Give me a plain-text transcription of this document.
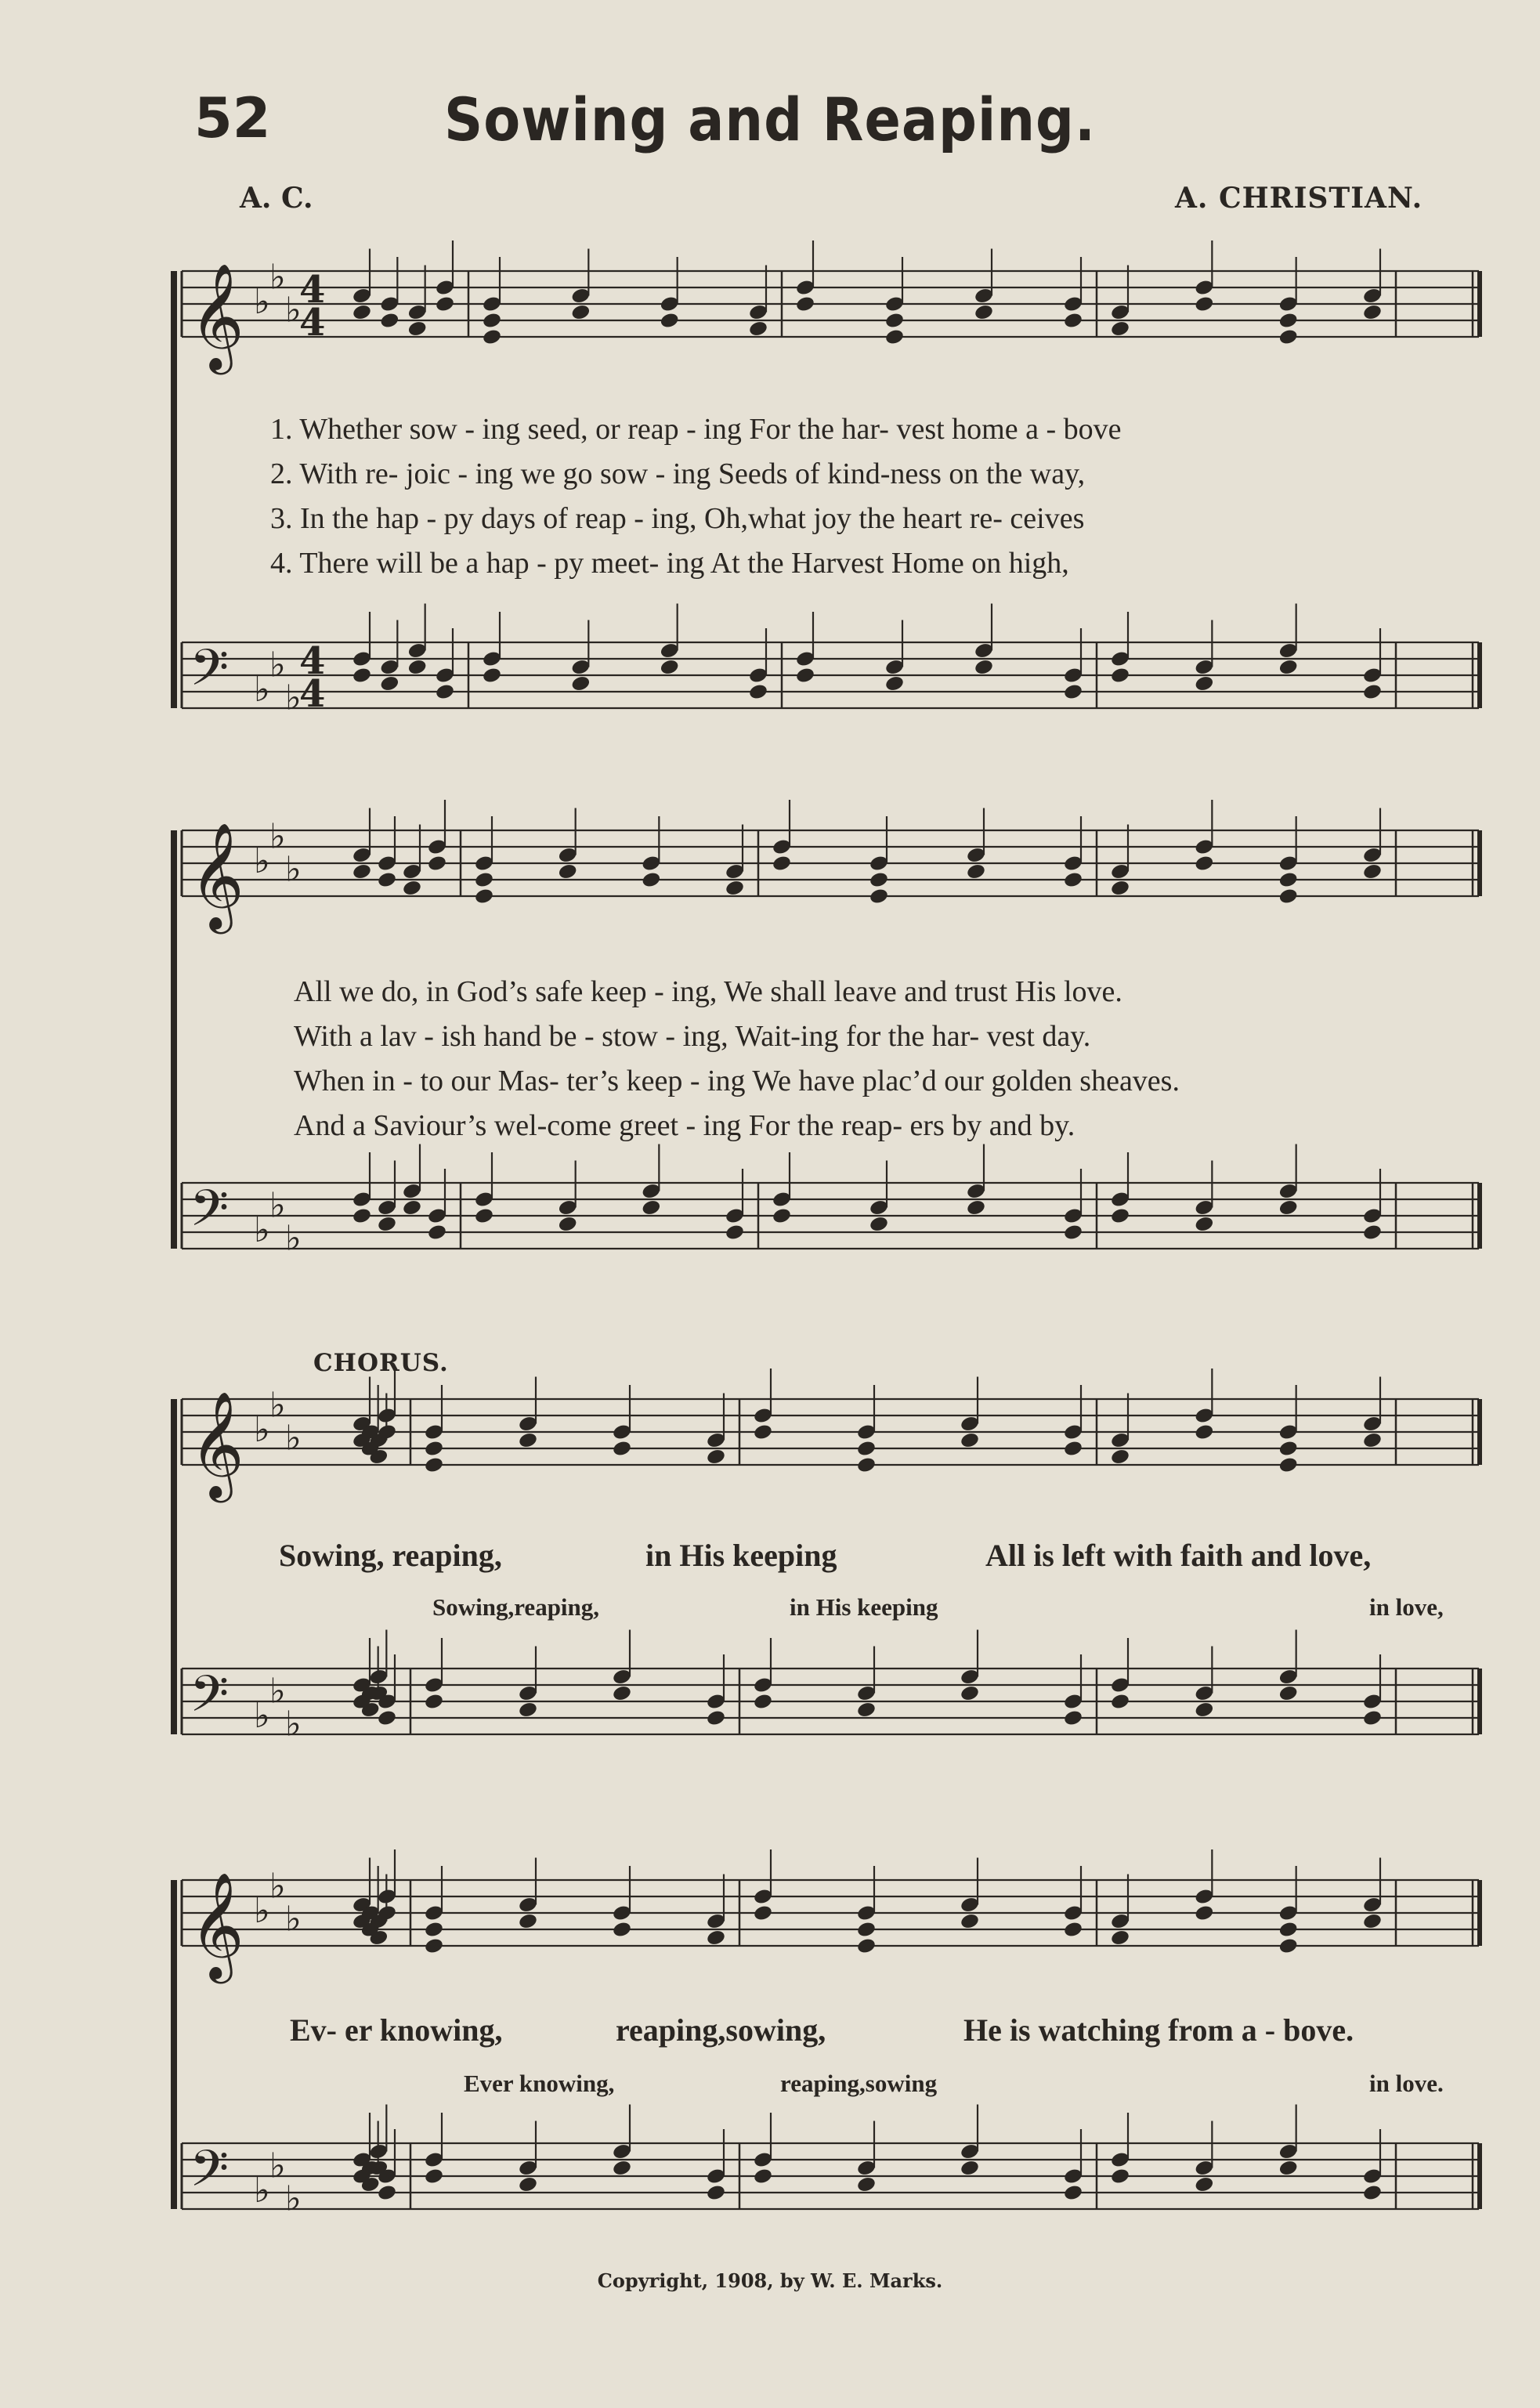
52	Sowing and Reaping.
A. C.	A. CHRISTIAN.
𝄞 ♭
♭
♭
4
4
𝄢 ♭
♭
♭
4
4
𝄞 ♭
♭
♭
𝄢 ♭
♭
♭
𝄞 ♭
♭
♭
𝄢 ♭
♭
♭
𝄞 ♭
♭
♭
𝄢 ♭
♭
♭
1. Whether sow - ing seed, or reap - ing For the har- vest home a - bove
2. With re- joic - ing we go sow - ing Seeds of kind-ness on the way,
3. In the hap - py days of reap - ing, Oh,what joy the heart re- ceives
4. There will be a hap - py meet- ing At the Harvest Home on high,
All we do, in God’s safe keep - ing, We shall leave and trust His love.
With a lav - ish hand be - stow - ing, Wait-ing for the har- vest day.
When in - to our Mas- ter’s keep - ing We have plac’d our golden sheaves.
And a Saviour’s wel-come greet - ing For the reap- ers by and by.
CHORUS.
Sowing, reaping,	in His keeping	All is left with faith and love,
Sowing,reaping,	in His keeping	in love,
Ev- er knowing,	reaping,sowing,	He is watching from a - bove.
Ever knowing,	reaping,sowing	in love.
Copyright, 1908, by W. E. Marks.
